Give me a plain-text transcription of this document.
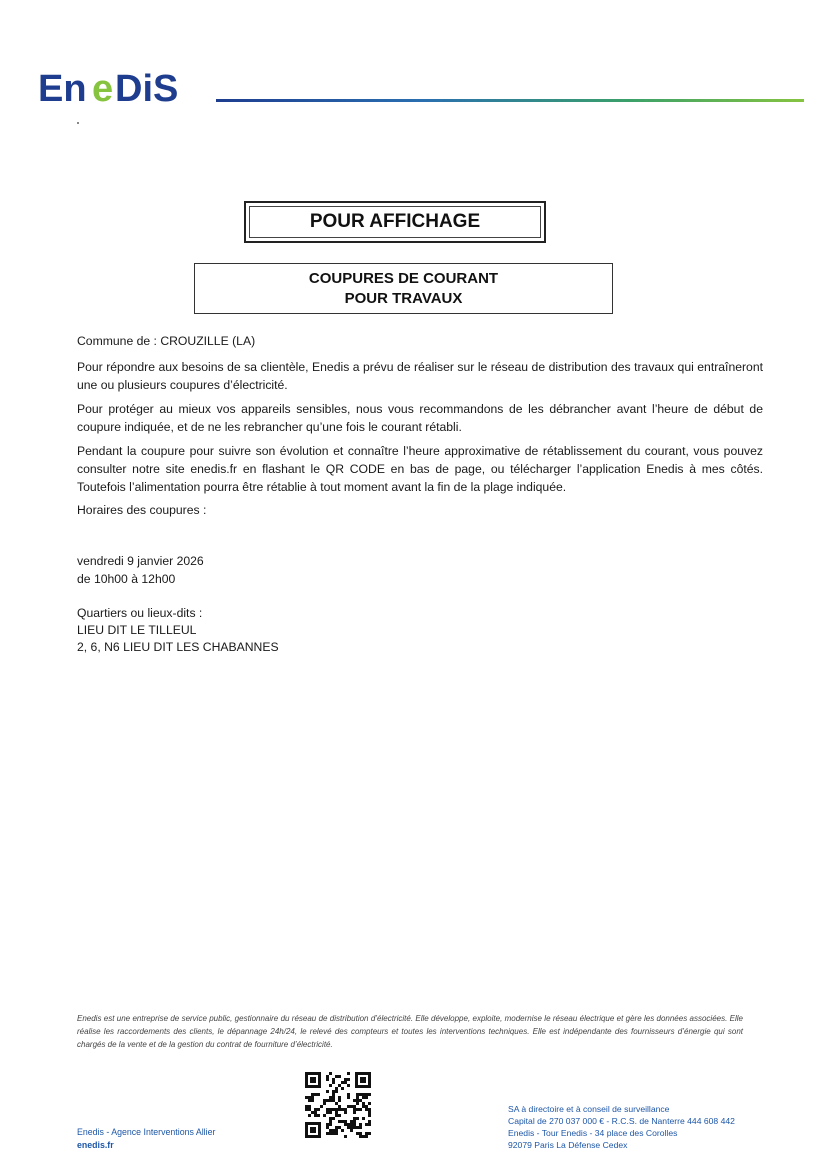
En e DiS
POUR AFFICHAGE
COUPURES DE COURANT
POUR TRAVAUX
Commune de : CROUZILLE (LA)

Pour répondre aux besoins de sa clientèle, Enedis a prévu de réaliser sur le réseau de distribution des travaux qui entraîneront une ou plusieurs coupures d’électricité.

Pour protéger au mieux vos appareils sensibles, nous vous recommandons de les débrancher avant l’heure de début de coupure indiquée, et de ne les rebrancher qu’une fois le courant rétabli.

Pendant la coupure pour suivre son évolution et connaître l’heure approximative de rétablissement du courant, vous pouvez consulter notre site enedis.fr en flashant le QR CODE en bas de page, ou télécharger l’application Enedis à mes côtés. Toutefois l’alimentation pourra être rétablie à tout moment avant la fin de la plage indiquée.

Horaires des coupures :
vendredi 9 janvier 2026
de 10h00 à 12h00
Quartiers ou lieux-dits :
LIEU DIT LE TILLEUL
2, 6, N6 LIEU DIT LES CHABANNES
Enedis est une entreprise de service public, gestionnaire du réseau de distribution d’électricité. Elle développe, exploite, modernise le réseau électrique et gère les données associées. Elle réalise les raccordements des clients, le dépannage 24h/24, le relevé des compteurs et toutes les interventions techniques. Elle est indépendante des fournisseurs d’énergie qui sont chargés de la vente et de la gestion du contrat de fourniture d’électricité.
Enedis - Agence Interventions Allier
enedis.fr
SA à directoire et à conseil de surveillance
Capital de 270 037 000 € - R.C.S. de Nanterre 444 608 442
Enedis - Tour Enedis - 34 place des Corolles
92079 Paris La Défense Cedex
